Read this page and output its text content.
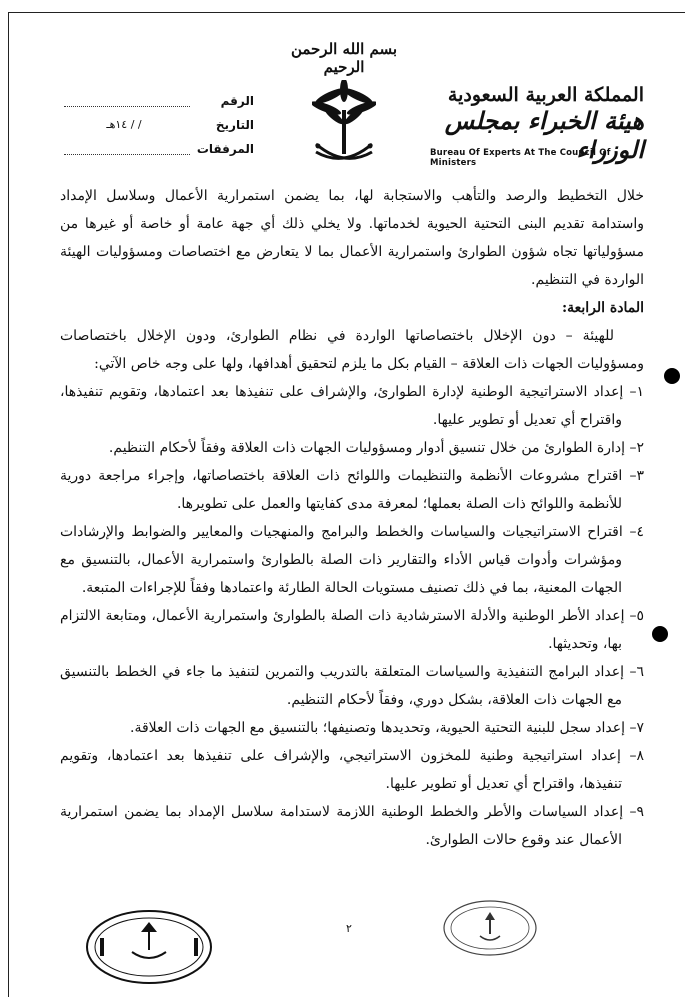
بسم الله الرحمن الرحيم
المملكة العربية السعودية
هيئة الخبراء بمجلس الوزراء
Bureau Of Experts At The Council Of Ministers
الرقم
التاريخ
/ / ١٤هـ
المرفقات

خلال التخطيط والرصد والتأهب والاستجابة لها، بما يضمن استمرارية الأعمال وسلاسل الإمداد واستدامة تقديم البنى التحتية الحيوية لخدماتها. ولا يخلي ذلك أي جهة عامة أو خاصة أو غيرها من مسؤولياتها تجاه شؤون الطوارئ واستمرارية الأعمال بما لا يتعارض مع اختصاصات ومسؤوليات الهيئة الواردة في التنظيم.

المادة الرابعة:

للهيئة – دون الإخلال باختصاصاتها الواردة في نظام الطوارئ، ودون الإخلال باختصاصات ومسؤوليات الجهات ذات العلاقة – القيام بكل ما يلزم لتحقيق أهدافها، ولها على وجه خاص الآتي:

١– إعداد الاستراتيجية الوطنية لإدارة الطوارئ، والإشراف على تنفيذها بعد اعتمادها، وتقويم تنفيذها، واقتراح أي تعديل أو تطوير عليها.

٢– إدارة الطوارئ من خلال تنسيق أدوار ومسؤوليات الجهات ذات العلاقة وفقاً لأحكام التنظيم.

٣– اقتراح مشروعات الأنظمة والتنظيمات واللوائح ذات العلاقة باختصاصاتها، وإجراء مراجعة دورية للأنظمة واللوائح ذات الصلة بعملها؛ لمعرفة مدى كفايتها والعمل على تطويرها.

٤– اقتراح الاستراتيجيات والسياسات والخطط والبرامج والمنهجيات والمعايير والضوابط والإرشادات ومؤشرات وأدوات قياس الأداء والتقارير ذات الصلة بالطوارئ واستمرارية الأعمال، بالتنسيق مع الجهات المعنية، بما في ذلك تصنيف مستويات الحالة الطارئة واعتمادها وفقاً للإجراءات المتبعة.

٥– إعداد الأطر الوطنية والأدلة الاسترشادية ذات الصلة بالطوارئ واستمرارية الأعمال، ومتابعة الالتزام بها، وتحديثها.

٦– إعداد البرامج التنفيذية والسياسات المتعلقة بالتدريب والتمرين لتنفيذ ما جاء في الخطط بالتنسيق مع الجهات ذات العلاقة، بشكل دوري، وفقاً لأحكام التنظيم.

٧– إعداد سجل للبنية التحتية الحيوية، وتحديدها وتصنيفها؛ بالتنسيق مع الجهات ذات العلاقة.

٨– إعداد استراتيجية وطنية للمخزون الاستراتيجي، والإشراف على تنفيذها بعد اعتمادها، وتقويم تنفيذها، واقتراح أي تعديل أو تطوير عليها.

٩– إعداد السياسات والأطر والخطط الوطنية اللازمة لاستدامة سلاسل الإمداد بما يضمن استمرارية الأعمال عند وقوع حالات الطوارئ.

٢
